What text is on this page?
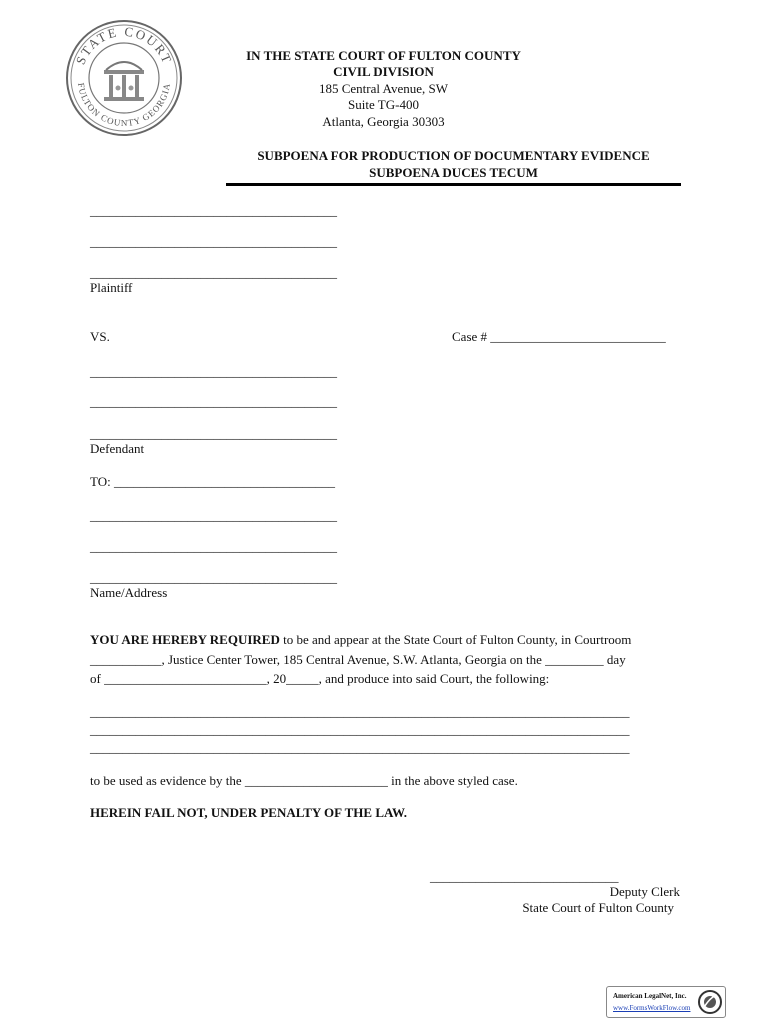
STATE COURT
FULTON COUNTY GEORGIA
IN THE STATE COURT OF FULTON COUNTY
CIVIL DIVISION
185 Central Avenue, SW
Suite TG-400
Atlanta, Georgia 30303
SUBPOENA FOR PRODUCTION OF DOCUMENTARY EVIDENCE
SUBPOENA DUCES TECUM
______________________________________
______________________________________
______________________________________
Plaintiff
VS.	Case # ___________________________
______________________________________
______________________________________
______________________________________
Defendant
TO: __________________________________
______________________________________
______________________________________
______________________________________
Name/Address
YOU ARE HEREBY REQUIRED to be and appear at the State Court of Fulton County, in Courtroom
___________, Justice Center Tower, 185 Central Avenue, S.W. Atlanta, Georgia on the _________ day
of _________________________, 20_____, and produce into said Court, the following:
___________________________________________________________________________________
___________________________________________________________________________________
___________________________________________________________________________________
to be used as evidence by the ______________________ in the above styled case.
HEREIN FAIL NOT, UNDER PENALTY OF THE LAW.
_____________________________
Deputy Clerk
State Court of Fulton County
American LegalNet, Inc.
www.FormsWorkFlow.com
